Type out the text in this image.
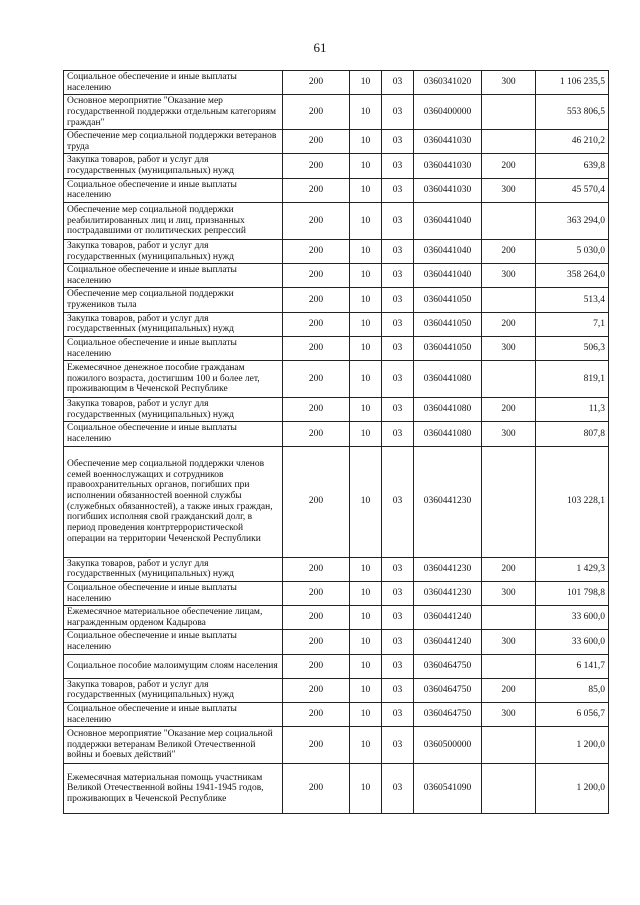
61
Социальное обеспечение и иные выплаты населению	200	10	03	0360341020	300	1 106 235,5
Основное мероприятие "Оказание мер государственной поддержки отдельным категориям граждан"	200	10	03	0360400000		553 806,5
Обеспечение мер социальной поддержки ветеранов труда	200	10	03	0360441030		46 210,2
Закупка товаров, работ и услуг для государственных (муниципальных) нужд	200	10	03	0360441030	200	639,8
Социальное обеспечение и иные выплаты населению	200	10	03	0360441030	300	45 570,4
Обеспечение мер социальной поддержки реабилитированных лиц и лиц, признанных пострадавшими от политических репрессий	200	10	03	0360441040		363 294,0
Закупка товаров, работ и услуг для государственных (муниципальных) нужд	200	10	03	0360441040	200	5 030,0
Социальное обеспечение и иные выплаты населению	200	10	03	0360441040	300	358 264,0
Обеспечение мер социальной поддержки тружеников тыла	200	10	03	0360441050		513,4
Закупка товаров, работ и услуг для государственных (муниципальных) нужд	200	10	03	0360441050	200	7,1
Социальное обеспечение и иные выплаты населению	200	10	03	0360441050	300	506,3
Ежемесячное денежное пособие гражданам пожилого возраста, достигшим 100 и более лет, проживающим в Чеченской Республике	200	10	03	0360441080		819,1
Закупка товаров, работ и услуг для государственных (муниципальных) нужд	200	10	03	0360441080	200	11,3
Социальное обеспечение и иные выплаты населению	200	10	03	0360441080	300	807,8
Обеспечение мер социальной поддержки членов семей военнослужащих и сотрудников правоохранительных органов, погибших при исполнении обязанностей военной службы (служебных обязанностей), а также иных граждан, погибших исполняя свой гражданский долг, в период проведения контртеррористической операции на территории Чеченской Республики	200	10	03	0360441230		103 228,1
Закупка товаров, работ и услуг для государственных (муниципальных) нужд	200	10	03	0360441230	200	1 429,3
Социальное обеспечение и иные выплаты населению	200	10	03	0360441230	300	101 798,8
Ежемесячное материальное обеспечение лицам, награжденным орденом Кадырова	200	10	03	0360441240		33 600,0
Социальное обеспечение и иные выплаты населению	200	10	03	0360441240	300	33 600,0
Социальное пособие малоимущим слоям населения	200	10	03	0360464750		6 141,7
Закупка товаров, работ и услуг для государственных (муниципальных) нужд	200	10	03	0360464750	200	85,0
Социальное обеспечение и иные выплаты населению	200	10	03	0360464750	300	6 056,7
Основное мероприятие "Оказание мер социальной поддержки ветеранам Великой Отечественной войны и боевых действий"	200	10	03	0360500000		1 200,0
Ежемесячная материальная помощь участникам Великой Отечественной войны 1941-1945 годов, проживающих в Чеченской Республике	200	10	03	0360541090		1 200,0
